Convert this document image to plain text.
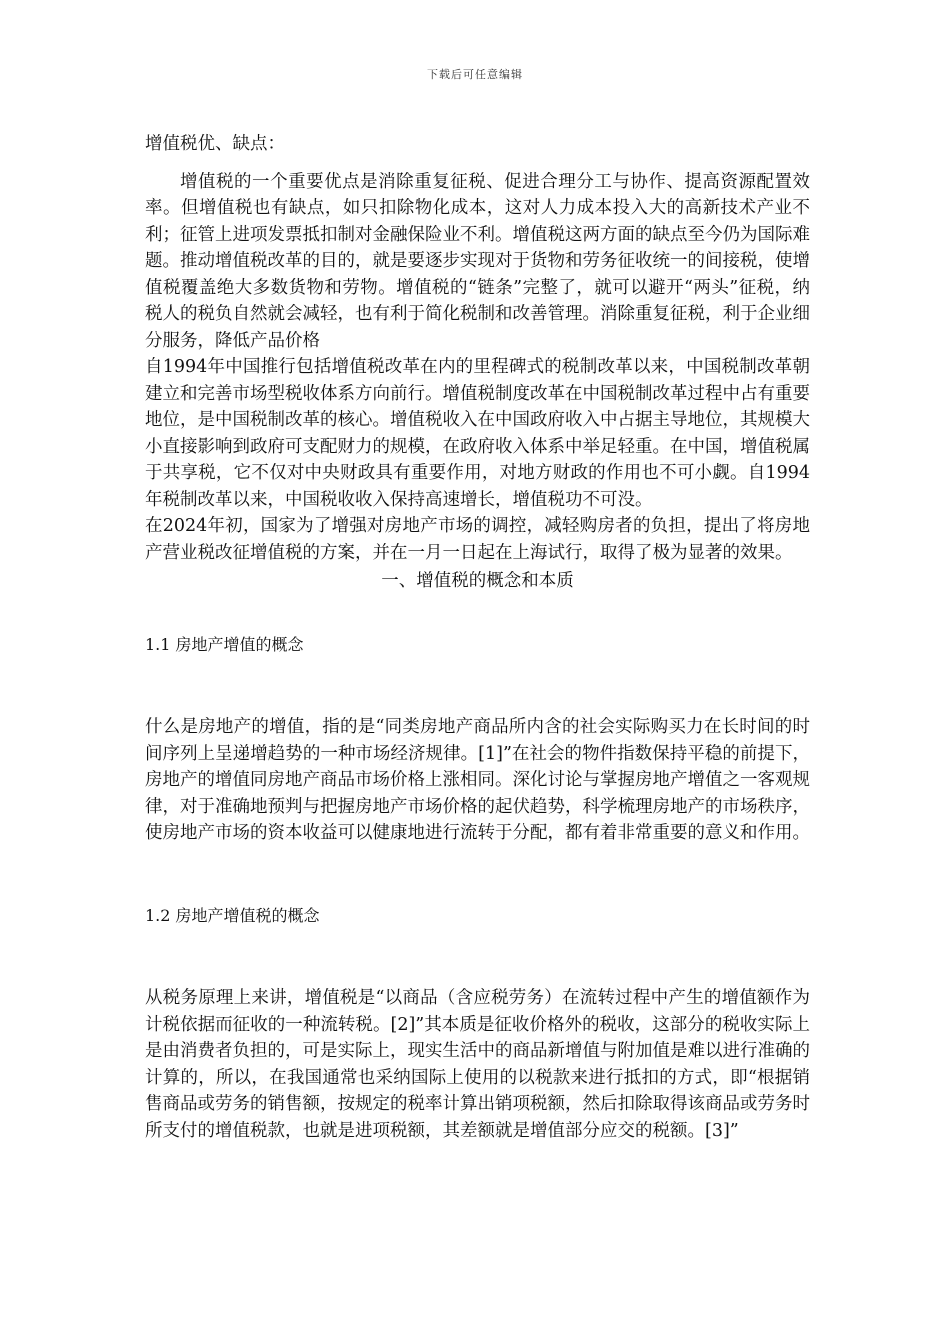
下载后可任意编辑

增值税优、缺点：

增值税的一个重要优点是消除重复征税、促进合理分工与协作、提高资源配置效率。但增值税也有缺点，如只扣除物化成本，这对人力成本投入大的高新技术产业不利；征管上进项发票抵扣制对金融保险业不利。增值税这两方面的缺点至今仍为国际难题。推动增值税改革的目的，就是要逐步实现对于货物和劳务征收统一的间接税，使增值税覆盖绝大多数货物和劳物。增值税的“链条”完整了，就可以避开“两头”征税，纳税人的税负自然就会减轻，也有利于简化税制和改善管理。消除重复征税，利于企业细分服务，降低产品价格

自1994年中国推行包括增值税改革在内的里程碑式的税制改革以来，中国税制改革朝建立和完善市场型税收体系方向前行。增值税制度改革在中国税制改革过程中占有重要地位，是中国税制改革的核心。增值税收入在中国政府收入中占据主导地位，其规模大小直接影响到政府可支配财力的规模，在政府收入体系中举足轻重。在中国，增值税属于共享税，它不仅对中央财政具有重要作用，对地方财政的作用也不可小觑。自1994年税制改革以来，中国税收收入保持高速增长，增值税功不可没。

在2024年初，国家为了增强对房地产市场的调控，减轻购房者的负担，提出了将房地产营业税改征增值税的方案，并在一月一日起在上海试行，取得了极为显著的效果。

一、增值税的概念和本质

1.1 房地产增值的概念

什么是房地产的增值，指的是“同类房地产商品所内含的社会实际购买力在长时间的时间序列上呈递增趋势的一种市场经济规律。[1]”在社会的物件指数保持平稳的前提下，房地产的增值同房地产商品市场价格上涨相同。深化讨论与掌握房地产增值之一客观规律，对于准确地预判与把握房地产市场价格的起伏趋势，科学梳理房地产的市场秩序，使房地产市场的资本收益可以健康地进行流转于分配，都有着非常重要的意义和作用。

1.2 房地产增值税的概念

从税务原理上来讲，增值税是“以商品（含应税劳务）在流转过程中产生的增值额作为计税依据而征收的一种流转税。[2]”其本质是征收价格外的税收，这部分的税收实际上是由消费者负担的，可是实际上，现实生活中的商品新增值与附加值是难以进行准确的计算的，所以，在我国通常也采纳国际上使用的以税款来进行抵扣的方式，即“根据销售商品或劳务的销售额，按规定的税率计算出销项税额，然后扣除取得该商品或劳务时所支付的增值税款，也就是进项税额，其差额就是增值部分应交的税额。[3]”
